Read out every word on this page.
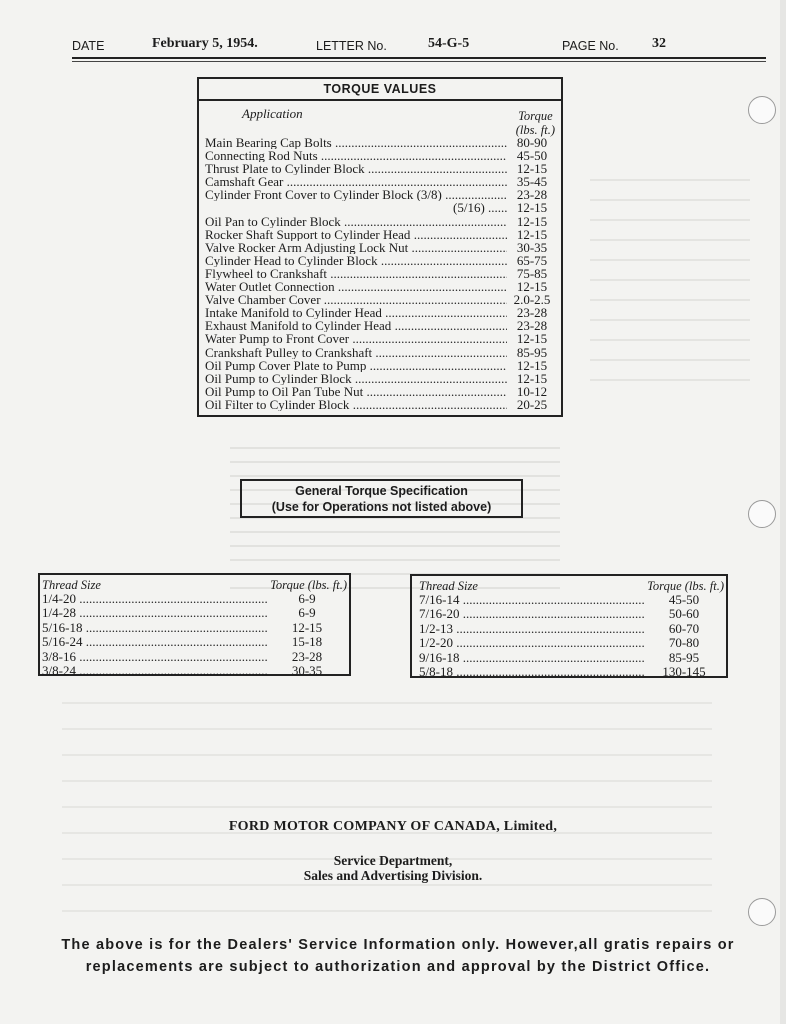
DATE	February 5, 1954.	LETTER No.	54-G-5	PAGE No. 32
TORQUE VALUES
Application	Torque
(lbs. ft.)
Main Bearing Cap Bolts .....	80-90
Connecting Rod Nuts .....	45-50
Thrust Plate to Cylinder Block .....	12-15
Camshaft Gear .....	35-45
Cylinder Front Cover to Cylinder Block (3/8) .....	23-28
(5/16) .....	12-15
Oil Pan to Cylinder Block .....	12-15
Rocker Shaft Support to Cylinder Head .....	12-15
Valve Rocker Arm Adjusting Lock Nut .....	30-35
Cylinder Head to Cylinder Block .....	65-75
Flywheel to Crankshaft .....	75-85
Water Outlet Connection .....	12-15
Valve Chamber Cover .....	2.0-2.5
Intake Manifold to Cylinder Head .....	23-28
Exhaust Manifold to Cylinder Head .....	23-28
Water Pump to Front Cover .....	12-15
Crankshaft Pulley to Crankshaft .....	85-95
Oil Pump Cover Plate to Pump .....	12-15
Oil Pump to Cylinder Block .....	12-15
Oil Pump to Oil Pan Tube Nut .....	10-12
Oil Filter to Cylinder Block .....	20-25
General Torque Specification
(Use for Operations not listed above)
Thread Size	Torque (lbs. ft.)
1/4-20 .....	6-9
1/4-28 .....	6-9
5/16-18 .....	12-15
5/16-24 .....	15-18
3/8-16 .....	23-28
3/8-24 .....	30-35
Thread Size	Torque (lbs. ft.)
7/16-14 .....	45-50
7/16-20 .....	50-60
1/2-13 .....	60-70
1/2-20 .....	70-80
9/16-18 .....	85-95
5/8-18 .....	130-145
FORD MOTOR COMPANY OF CANADA, Limited,
Service Department,
Sales and Advertising Division.
The above is for the Dealers' Service Information only. However,all gratis repairs or
replacements are subject to authorization and approval by the District Office.
